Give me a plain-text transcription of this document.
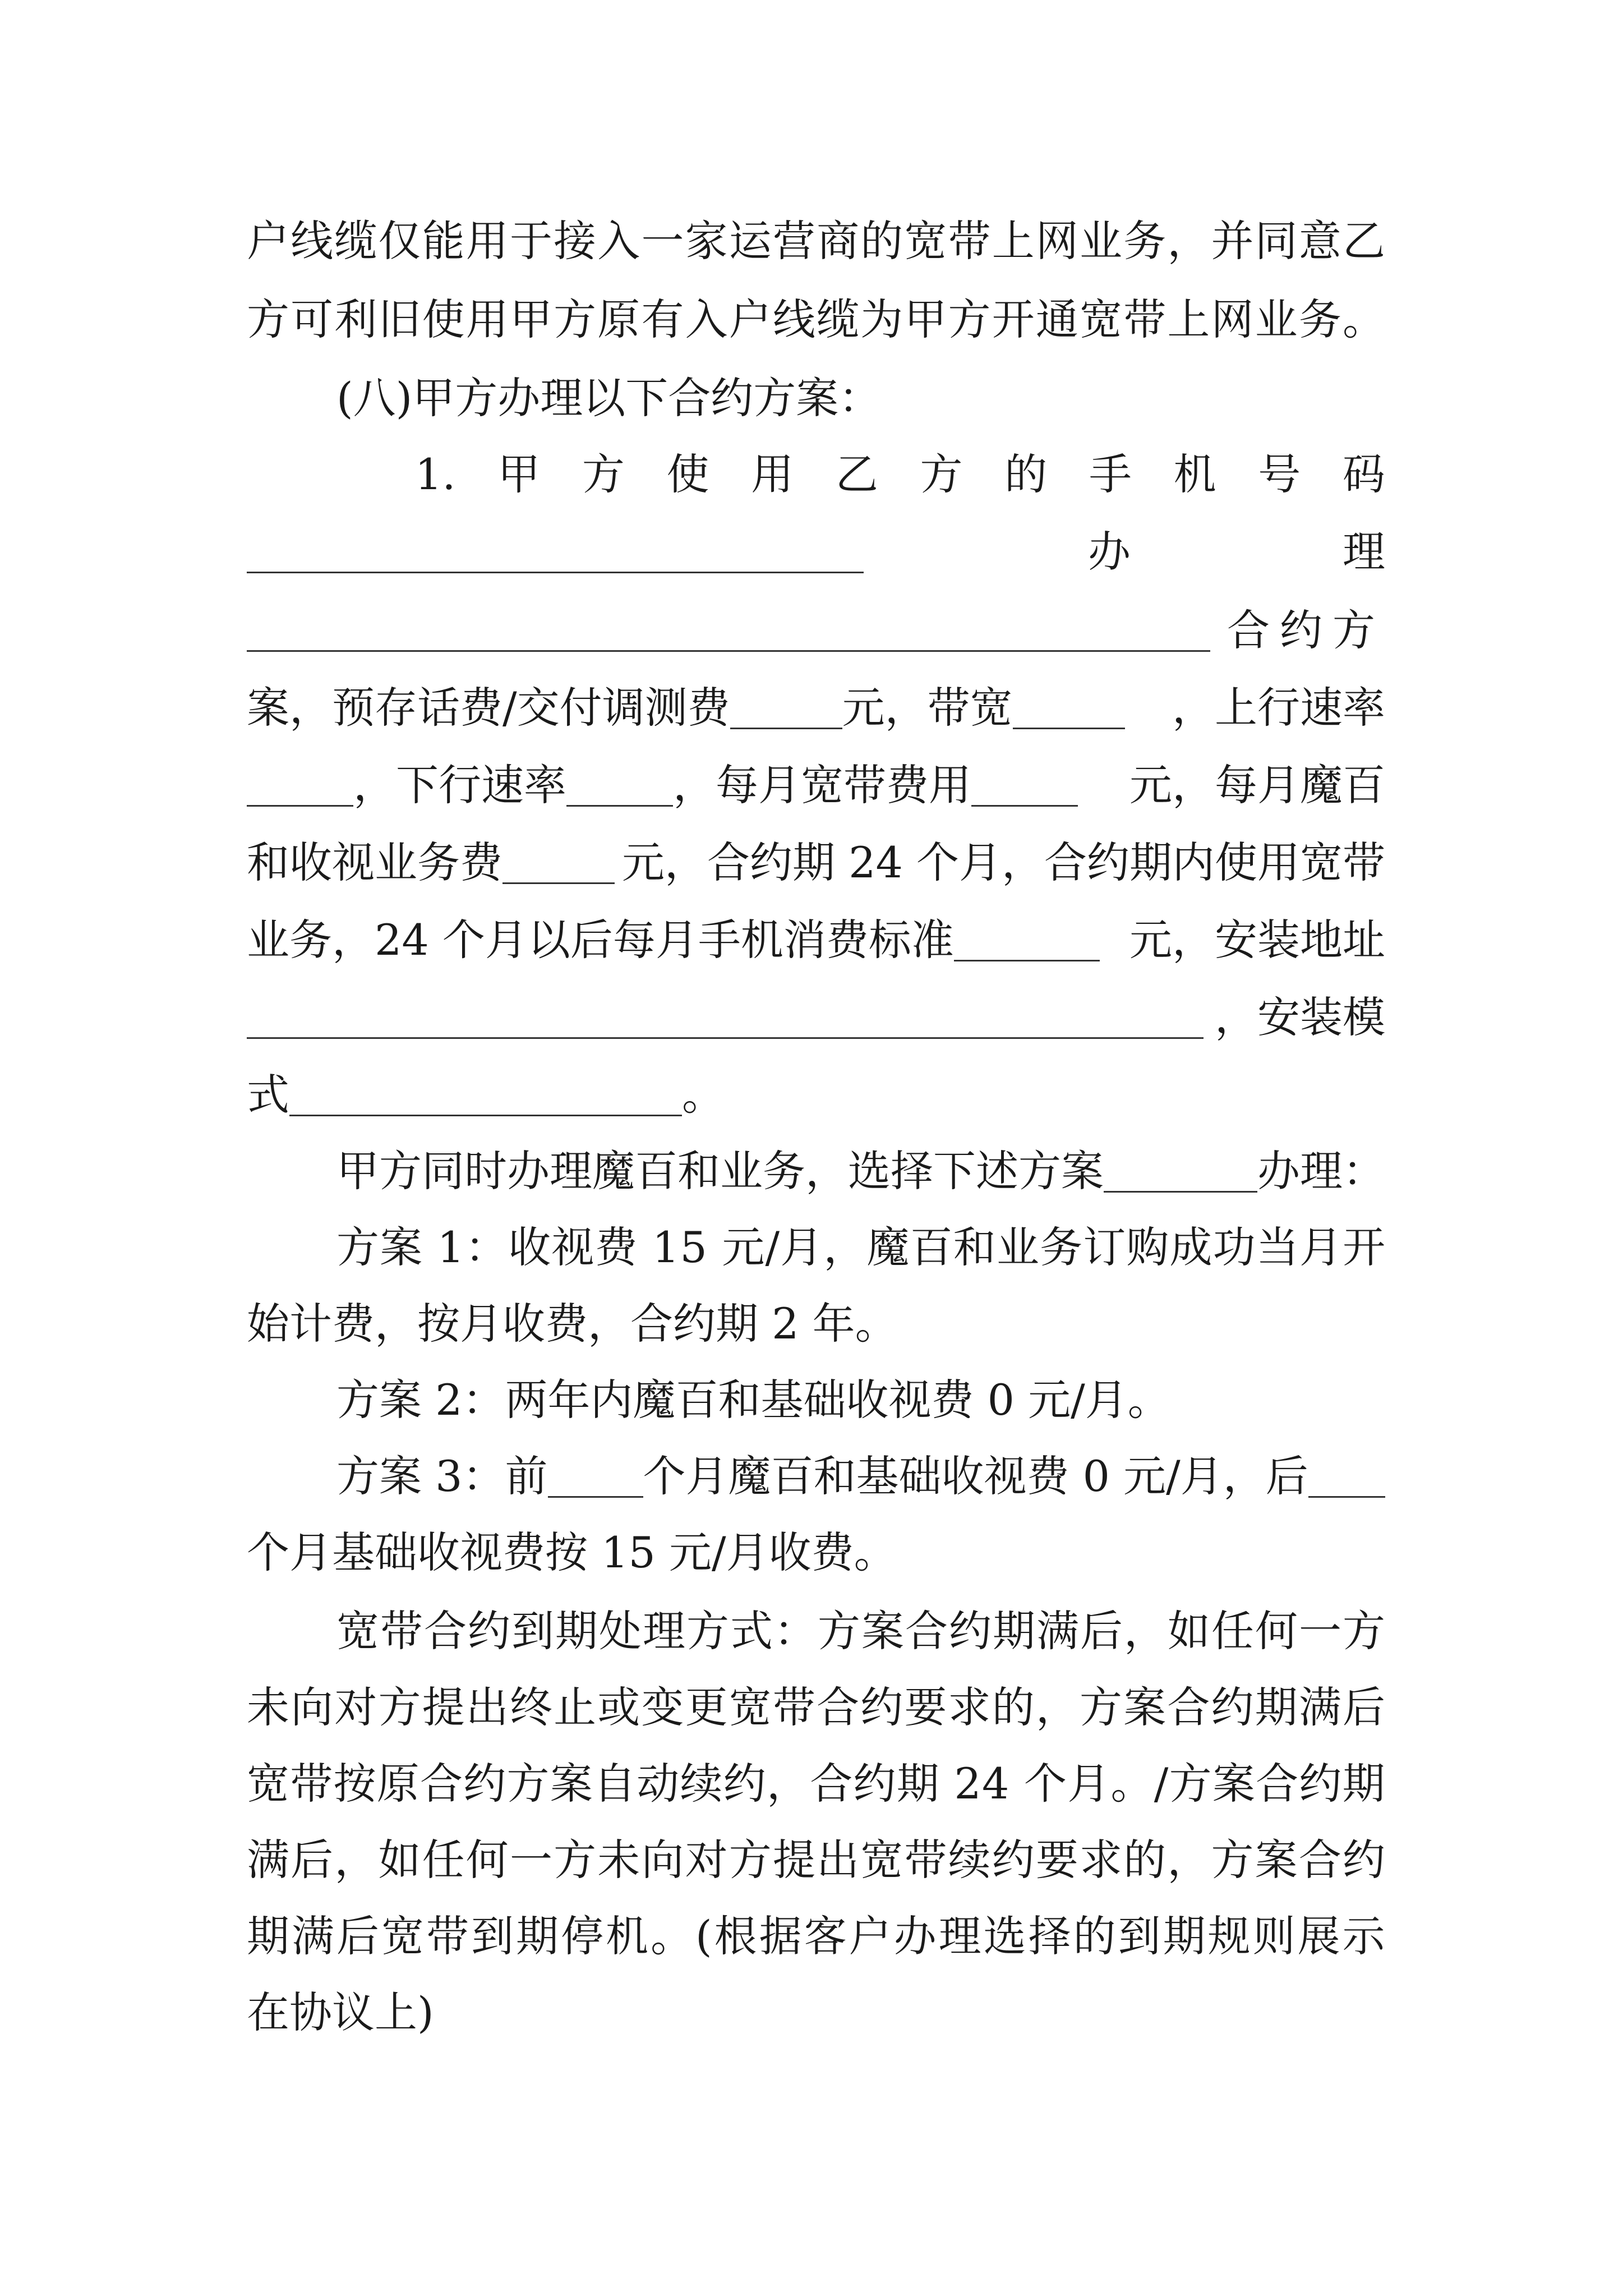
户线缆仅能用于接入一家运营商的宽带上网业务，并同意乙
方可利旧使用甲方原有入户线缆为甲方开通宽带上网业务。
(八)甲方办理以下合约方案：
1. 甲 方 使 用 乙 方 的 手 机 号 码
办	理
合约方
案，预存话费/交付调测费	元，带宽	，上行速率
，下行速率	，每月宽带费用	元，每月魔百
和收视业务费	元，合约期 24 个月，合约期内使用宽带
业务，24 个月以后每月手机消费标准	元，安装地址
，安装模
式	。
甲方同时办理魔百和业务，选择下述方案	办理：
方案 1：收视费 15 元/月，魔百和业务订购成功当月开
始计费，按月收费，合约期 2 年。
方案 2：两年内魔百和基础收视费 0 元/月。
方案 3：前 个月魔百和基础收视费 0 元/月，后
个月基础收视费按 15 元/月收费。
宽带合约到期处理方式：方案合约期满后，如任何一方
未向对方提出终止或变更宽带合约要求的，方案合约期满后
宽带按原合约方案自动续约，合约期 24 个月。/方案合约期
满后，如任何一方未向对方提出宽带续约要求的，方案合约
期满后宽带到期停机。(根据客户办理选择的到期规则展示
在协议上)
